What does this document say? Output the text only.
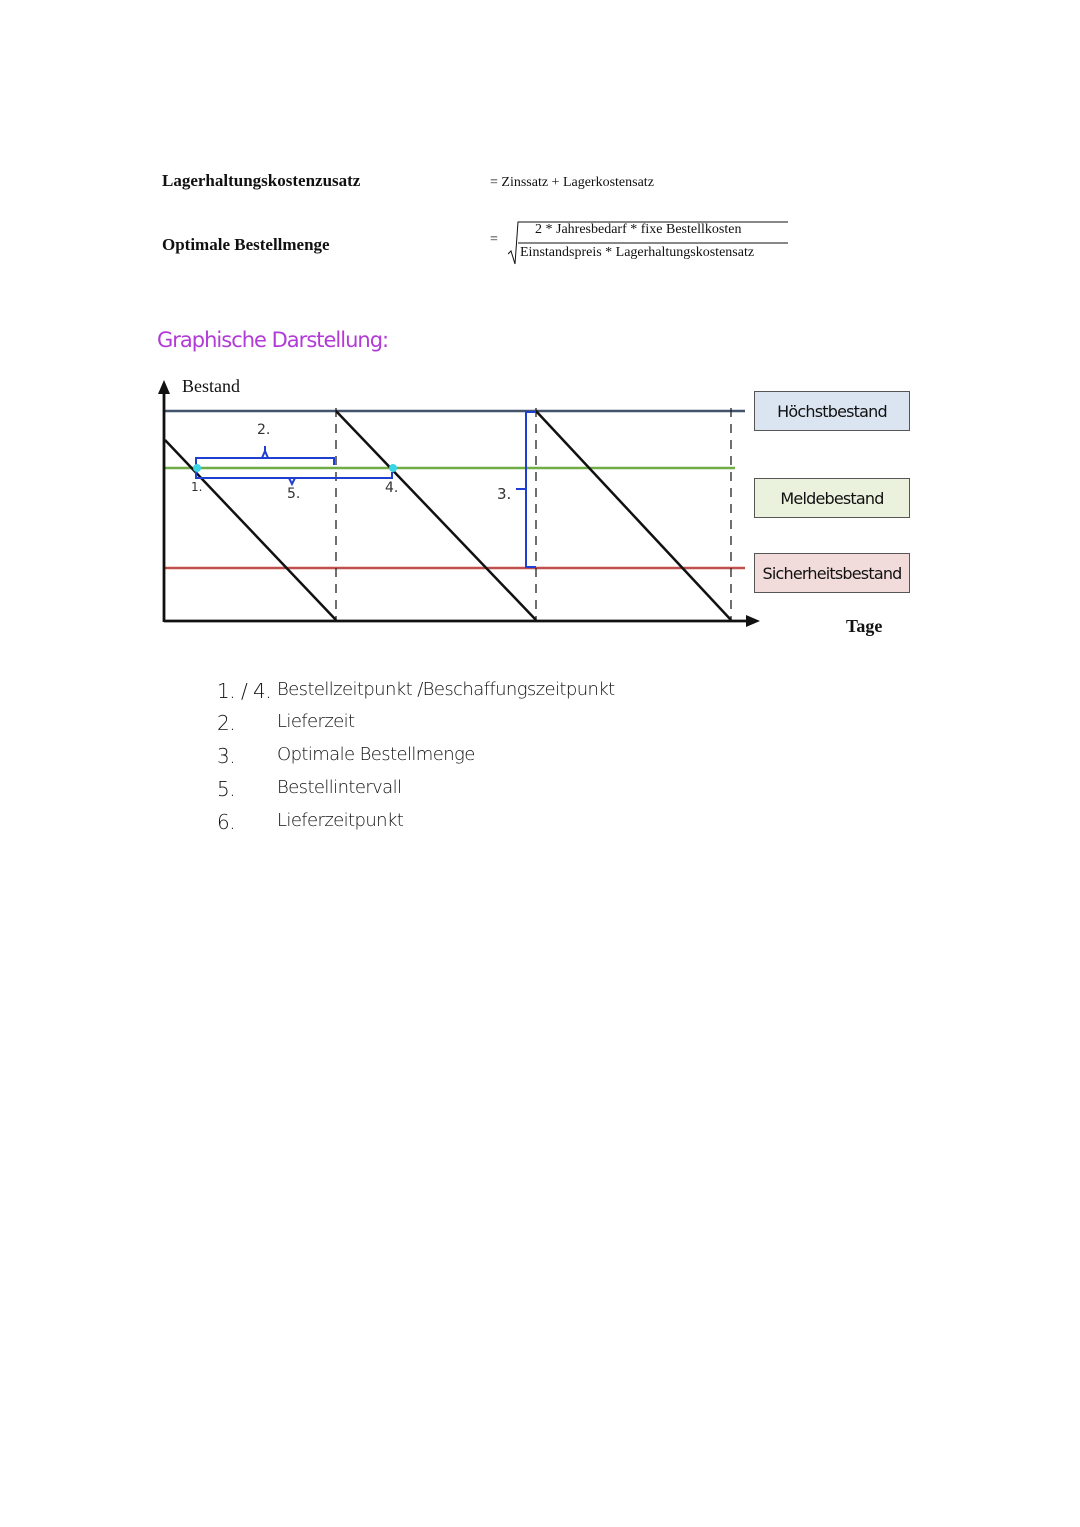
Lagerhaltungskostenzusatz	= Zinssatz + Lagerkostensatz
Optimale Bestellmenge	=
2 * Jahresbedarf * fixe Bestellkosten
Einstandspreis * Lagerhaltungskostensatz
Graphische Darstellung:
Bestand
1.
2.
3.
4.
5.
Höchstbestand
Meldebestand
Sicherheitsbestand
Tage
1. / 4. Bestellzeitpunkt /Beschaffungszeitpunkt
2. Lieferzeit
3. Optimale Bestellmenge
5. Bestellintervall
6. Lieferzeitpunkt
